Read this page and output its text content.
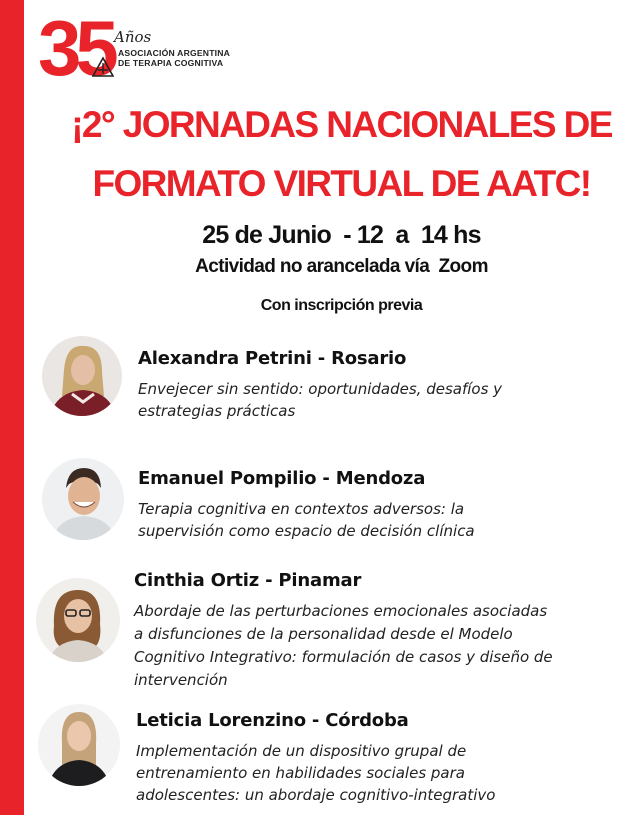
35 Años
ASOCIACIÓN ARGENTINA
DE TERAPIA COGNITIVA
¡2° JORNADAS NACIONALES DE
FORMATO VIRTUAL DE AATC!
25 de Junio  - 12  a  14 hs
Actividad no arancelada vía  Zoom
Con inscripción previa
Alexandra Petrini - Rosario
Envejecer sin sentido: oportunidades, desafíos y
estrategias prácticas
Emanuel Pompilio - Mendoza
Terapia cognitiva en contextos adversos: la
supervisión como espacio de decisión clínica
Cinthia Ortiz - Pinamar
Abordaje de las perturbaciones emocionales asociadas
a disfunciones de la personalidad desde el Modelo
Cognitivo Integrativo: formulación de casos y diseño de
intervención
Leticia Lorenzino - Córdoba
Implementación de un dispositivo grupal de
entrenamiento en habilidades sociales para
adolescentes: un abordaje cognitivo-integrativo
